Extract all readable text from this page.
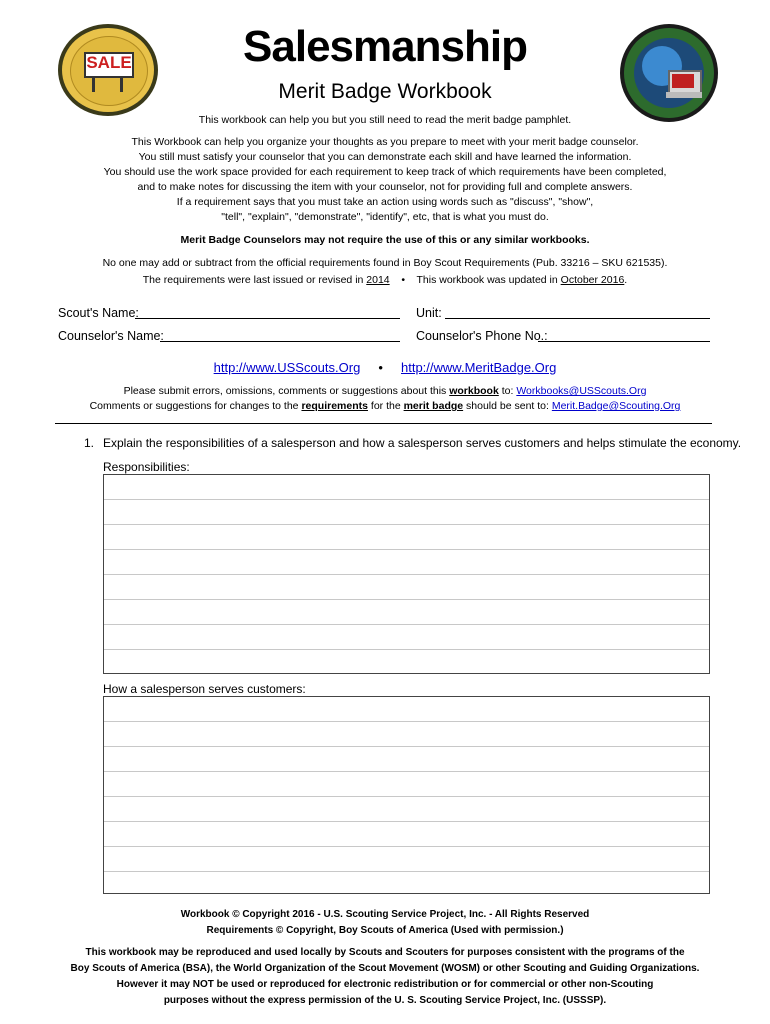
SALE	Salesmanship
Merit Badge Workbook
This workbook can help you but you still need to read the merit badge pamphlet.
This Workbook can help you organize your thoughts as you prepare to meet with your merit badge counselor.
You still must satisfy your counselor that you can demonstrate each skill and have learned the information.
You should use the work space provided for each requirement to keep track of which requirements have been completed,
and to make notes for discussing the item with your counselor, not for providing full and complete answers.
If a requirement says that you must take an action using words such as "discuss", "show",
"tell", "explain", "demonstrate", "identify", etc, that is what you must do.
Merit Badge Counselors may not require the use of this or any similar workbooks.
No one may add or subtract from the official requirements found in Boy Scout Requirements (Pub. 33216 – SKU 621535).
The requirements were last issued or revised in 2014 • This workbook was updated in October 2016.
Scout's Name:	Unit:
Counselor's Name:	Counselor's Phone No.:
http://www.USScouts.Org • http://www.MeritBadge.Org
Please submit errors, omissions, comments or suggestions about this workbook to: Workbooks@USScouts.Org
Comments or suggestions for changes to the requirements for the merit badge should be sent to: Merit.Badge@Scouting.Org
1. Explain the responsibilities of a salesperson and how a salesperson serves customers and helps stimulate the economy.
Responsibilities:
How a salesperson serves customers:
Workbook © Copyright 2016 - U.S. Scouting Service Project, Inc. - All Rights Reserved
Requirements © Copyright, Boy Scouts of America (Used with permission.)
This workbook may be reproduced and used locally by Scouts and Scouters for purposes consistent with the programs of the
Boy Scouts of America (BSA), the World Organization of the Scout Movement (WOSM) or other Scouting and Guiding Organizations.
However it may NOT be used or reproduced for electronic redistribution or for commercial or other non-Scouting
purposes without the express permission of the U. S. Scouting Service Project, Inc. (USSSP).
